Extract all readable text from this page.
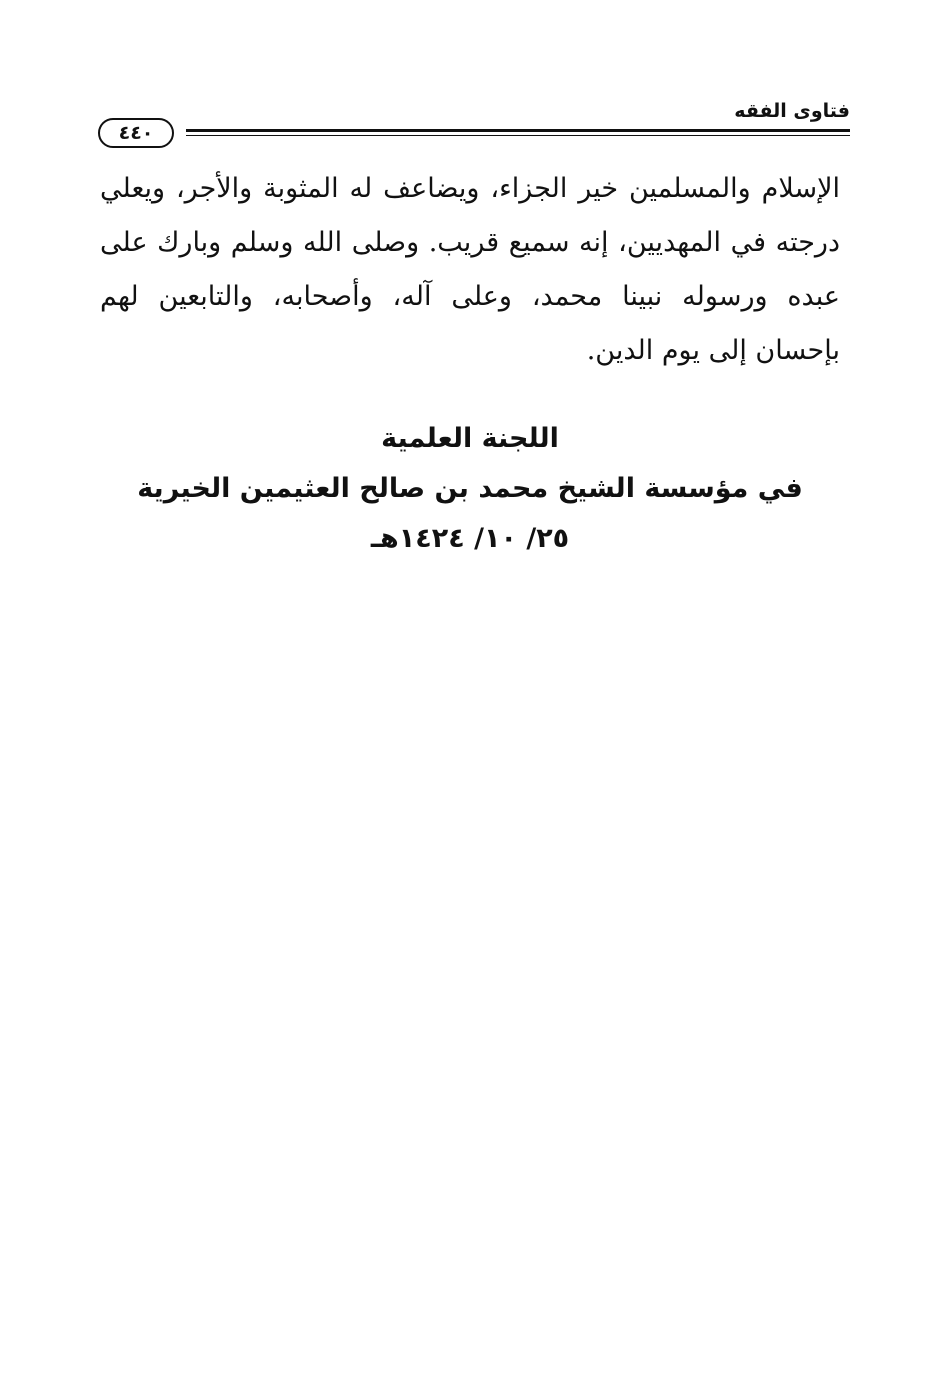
فتاوى الفقه
٤٤٠

الإسلام والمسلمين خير الجزاء، ويضاعف له المثوبة والأجر، ويعلي درجته في المهديين، إنه سميع قريب. وصلى الله وسلم وبارك على عبده ورسوله نبينا محمد، وعلى آله، وأصحابه، والتابعين لهم بإحسان إلى يوم الدين.

اللجنة العلمية
في مؤسسة الشيخ محمد بن صالح العثيمين الخيرية
٢٥/ ١٠/ ١٤٢٤هـ
